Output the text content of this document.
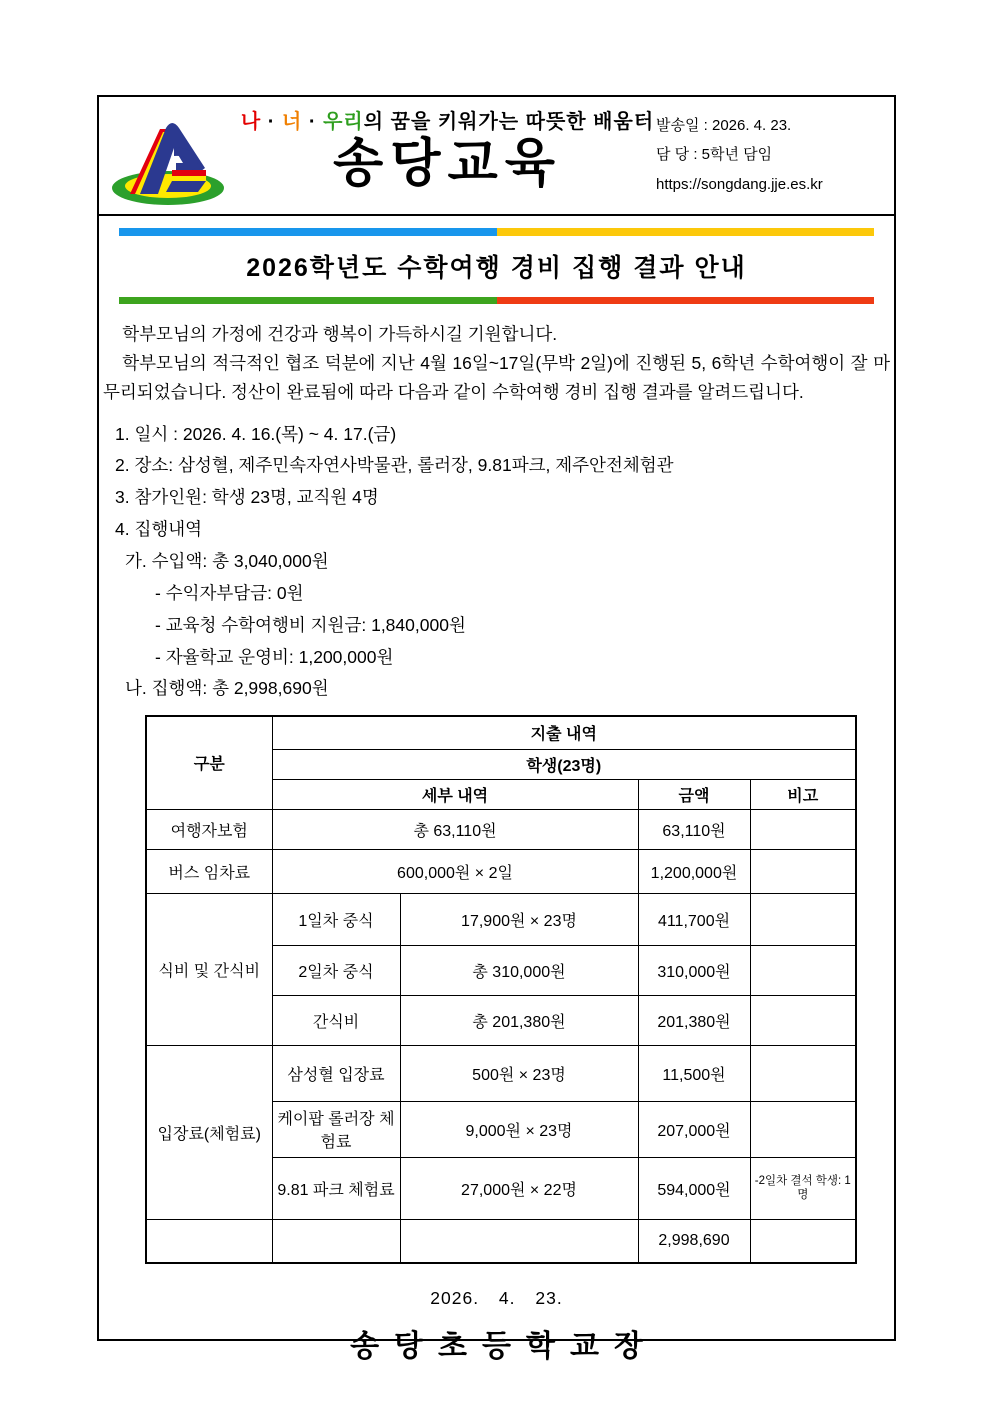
나 · 너 · 우리의 꿈을 키워가는 따뜻한 배움터
송당교육
발송일 : 2026. 4. 23.
담 당 : 5학년 담임
https://songdang.jje.es.kr
2026학년도 수학여행 경비 집행 결과 안내

학부모님의 가정에 건강과 행복이 가득하시길 기원합니다.

학부모님의 적극적인 협조 덕분에 지난 4월 16일~17일(무박 2일)에 진행된 5, 6학년 수학여행이 잘 마무리되었습니다. 정산이 완료됨에 따라 다음과 같이 수학여행 경비 집행 결과를 알려드립니다.

1. 일시 : 2026. 4. 16.(목) ~ 4. 17.(금)
2. 장소: 삼성혈, 제주민속자연사박물관, 롤러장, 9.81파크, 제주안전체험관
3. 참가인원: 학생 23명, 교직원 4명
4. 집행내역
가. 수입액: 총 3,040,000원
- 수익자부담금: 0원
- 교육청 수학여행비 지원금: 1,840,000원
- 자율학교 운영비: 1,200,000원
나. 집행액: 총 2,998,690원
구분	지출 내역			
	학생(23명)			
	세부 내역		금액	비고
여행자보험	총 63,110원		63,110원	
버스 임차료	600,000원 × 2일		1,200,000원	
식비 및 간식비	1일차 중식	17,900원 × 23명	411,700원	
	2일차 중식	총 310,000원	310,000원	
	간식비	총 201,380원	201,380원	
입장료(체험료)	삼성혈 입장료	500원 × 23명	11,500원	
	케이팝 롤러장 체험료	9,000원 × 23명	207,000원	
	9.81 파크 체험료	27,000원 × 22명	594,000원	-2일차 결석 학생: 1명
			2,998,690	
2026. 4. 23.
송당초등학교장
